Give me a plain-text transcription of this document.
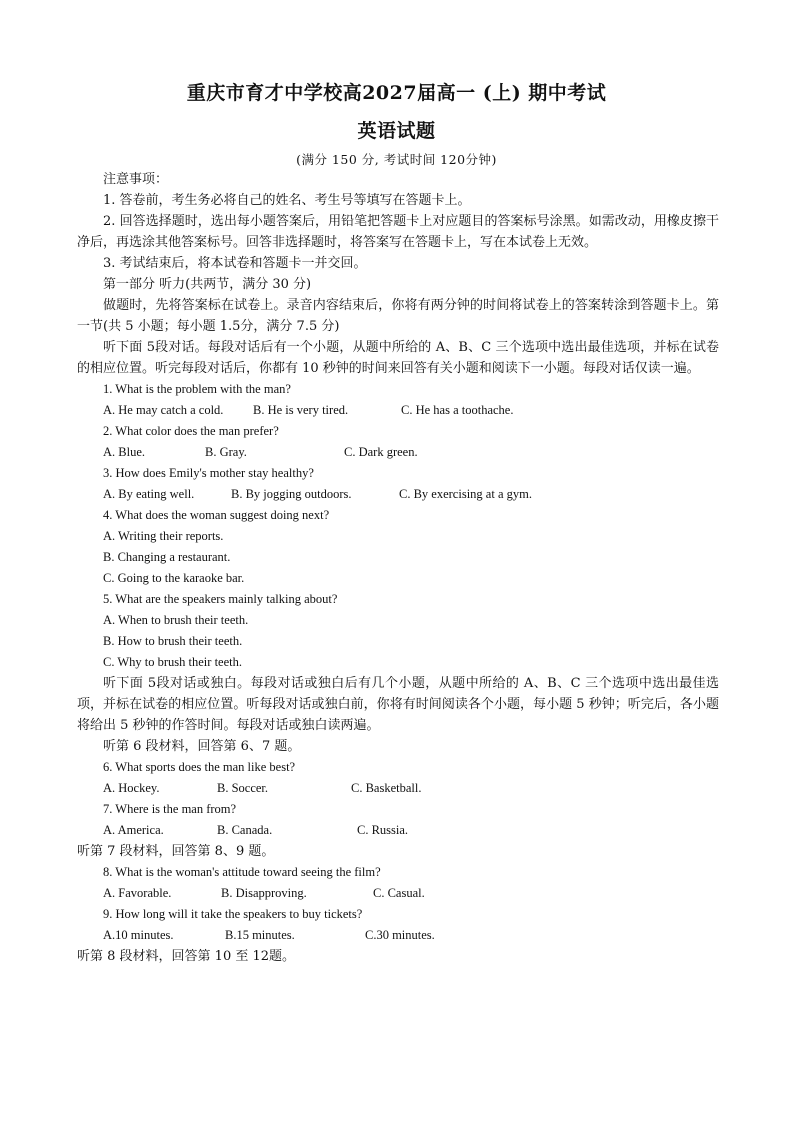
重庆市育才中学校高2027届高一 (上) 期中考试
英语试题
(满分 150 分, 考试时间 120分钟)

注意事项：

1. 答卷前，考生务必将自己的姓名、考生号等填写在答题卡上。

2. 回答选择题时，选出每小题答案后，用铅笔把答题卡上对应题目的答案标号涂黑。如需改动，用橡皮擦干净后，再选涂其他答案标号。回答非选择题时，将答案写在答题卡上，写在本试卷上无效。

3. 考试结束后，将本试卷和答题卡一并交回。

第一部分 听力(共两节，满分 30 分)

做题时，先将答案标在试卷上。录音内容结束后，你将有两分钟的时间将试卷上的答案转涂到答题卡上。第一节(共 5 小题；每小题 1.5分，满分 7.5 分)

听下面 5段对话。每段对话后有一个小题，从题中所给的 A、B、C 三个选项中选出最佳选项，并标在试卷的相应位置。听完每段对话后，你都有 10 秒钟的时间来回答有关小题和阅读下一小题。每段对话仅读一遍。

1. What is the problem with the man?
A. He may catch a cold.	B. He is very tired.	C. He has a toothache.
2. What color does the man prefer?
A. Blue.	B. Gray.	C. Dark green.
3. How does Emily's mother stay healthy?
A. By eating well.	B. By jogging outdoors.	C. By exercising at a gym.
4. What does the woman suggest doing next?
A. Writing their reports.
B. Changing a restaurant.
C. Going to the karaoke bar.
5. What are the speakers mainly talking about?
A. When to brush their teeth.
B. How to brush their teeth.
C. Why to brush their teeth.

听下面 5段对话或独白。每段对话或独白后有几个小题，从题中所给的 A、B、C 三个选项中选出最佳选项，并标在试卷的相应位置。听每段对话或独白前，你将有时间阅读各个小题，每小题 5 秒钟；听完后，各小题将给出 5 秒钟的作答时间。每段对话或独白读两遍。

听第 6 段材料，回答第 6、7 题。

6. What sports does the man like best?
A. Hockey.	B. Soccer.	C. Basketball.
7. Where is the man from?
A. America.	B. Canada.	C. Russia.

听第 7 段材料，回答第 8、9 题。

8. What is the woman's attitude toward seeing the film?
A. Favorable.	B. Disapproving.	C. Casual.
9. How long will it take the speakers to buy tickets?
A.10 minutes.	B.15 minutes.	C.30 minutes.

听第 8 段材料，回答第 10 至 12题。
